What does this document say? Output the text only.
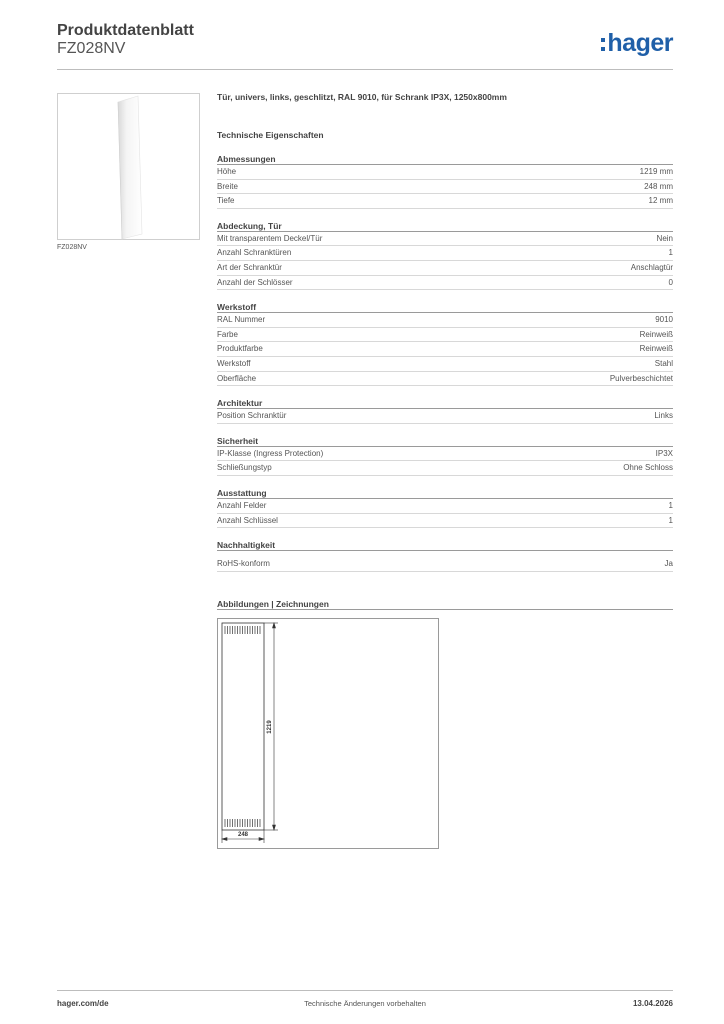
Produktdatenblatt
FZ028NV	hager
FZ028NV
Tür, univers, links, geschlitzt, RAL 9010, für Schrank IP3X, 1250x800mm
Technische Eigenschaften
Abmessungen
Höhe	1219 mm
Breite	248 mm
Tiefe	12 mm
Abdeckung, Tür
Mit transparentem Deckel/Tür	Nein
Anzahl Schranktüren	1
Art der Schranktür	Anschlagtür
Anzahl der Schlösser	0
Werkstoff
RAL Nummer	9010
Farbe	Reinweiß
Produktfarbe	Reinweiß
Werkstoff	Stahl
Oberfläche	Pulverbeschichtet
Architektur
Position Schranktür	Links
Sicherheit
IP-Klasse (Ingress Protection)	IP3X
Schließungstyp	Ohne Schloss
Ausstattung
Anzahl Felder	1
Anzahl Schlüssel	1
Nachhaltigkeit
RoHS-konform	Ja
Abbildungen | Zeichnungen
1219
248
hager.com/de	Technische Änderungen vorbehalten	13.04.2026
